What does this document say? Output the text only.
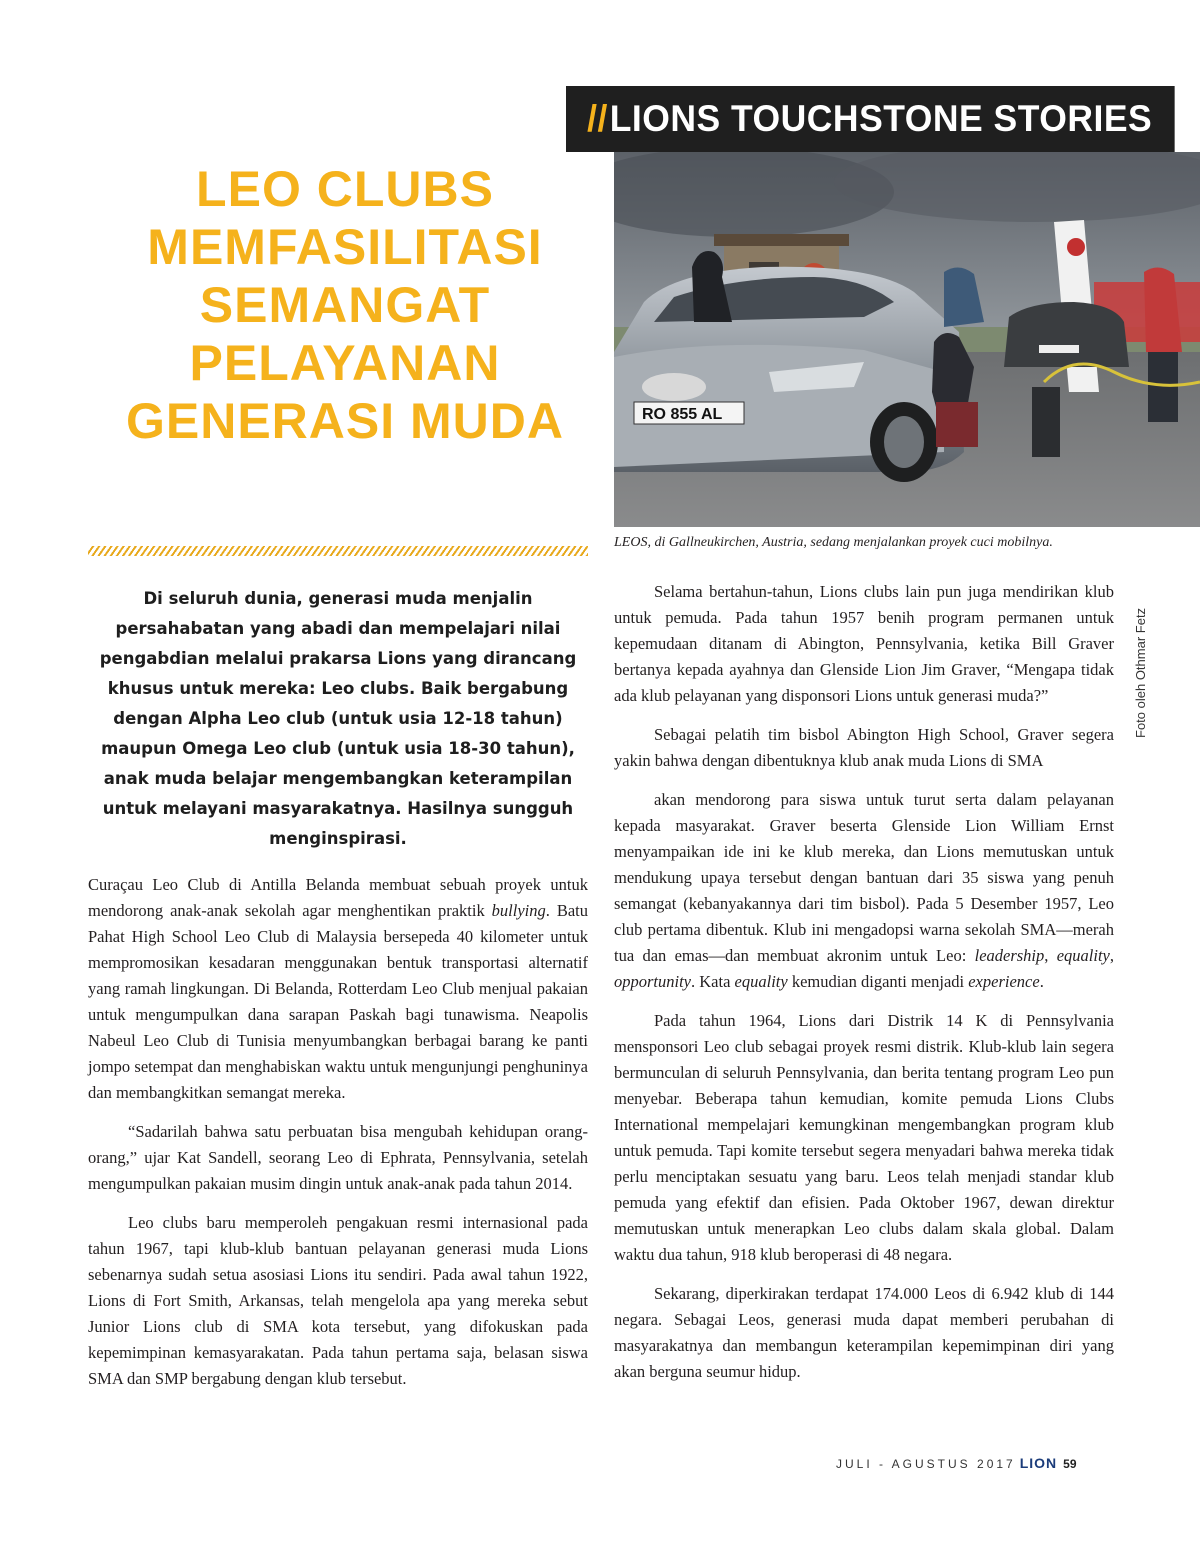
//LIONS TOUCHSTONE STORIES
LEO CLUBS
MEMFASILITASI
SEMANGAT
PELAYANAN
GENERASI MUDA	RO 855 AL
Foto oleh Othmar Fetz
LEOS, di Gallneukirchen, Austria, sedang menjalankan proyek cuci mobilnya.

Di seluruh dunia, generasi muda menjalin persahabatan yang abadi dan mempelajari nilai pengabdian melalui prakarsa Lions yang dirancang khusus untuk mereka: Leo clubs. Baik bergabung dengan Alpha Leo club (untuk usia 12-18 tahun) maupun Omega Leo club (untuk usia 18-30 tahun), anak muda belajar mengembangkan keterampilan untuk melayani masyarakatnya. Hasilnya sungguh menginspirasi.

Curaçau Leo Club di Antilla Belanda membuat sebuah proyek untuk mendorong anak-anak sekolah agar menghentikan praktik bullying. Batu Pahat High School Leo Club di Malaysia bersepeda 40 kilometer untuk mempromosikan kesadaran menggunakan bentuk transportasi alternatif yang ramah lingkungan. Di Belanda, Rotterdam Leo Club menjual pakaian untuk mengumpulkan dana sarapan Paskah bagi tunawisma. Neapolis Nabeul Leo Club di Tunisia menyumbangkan berbagai barang ke panti jompo setempat dan menghabiskan waktu untuk mengunjungi penghuninya dan membangkitkan semangat mereka.

“Sadarilah bahwa satu perbuatan bisa mengubah kehidupan orang-orang,” ujar Kat Sandell, seorang Leo di Ephrata, Pennsylvania, setelah mengumpulkan pakaian musim dingin untuk anak-anak pada tahun 2014.

Leo clubs baru memperoleh pengakuan resmi internasional pada tahun 1967, tapi klub-klub bantuan pelayanan generasi muda Lions sebenarnya sudah setua asosiasi Lions itu sendiri. Pada awal tahun 1922, Lions di Fort Smith, Arkansas, telah mengelola apa yang mereka sebut Junior Lions club di SMA kota tersebut, yang difokuskan pada kepemimpinan kemasyarakatan. Pada tahun pertama saja, belasan siswa SMA dan SMP bergabung dengan klub tersebut.

Selama bertahun-tahun, Lions clubs lain pun juga mendirikan klub untuk pemuda. Pada tahun 1957 benih program permanen untuk kepemudaan ditanam di Abington, Pennsylvania, ketika Bill Graver bertanya kepada ayahnya dan Glenside Lion Jim Graver, “Mengapa tidak ada klub pelayanan yang disponsori Lions untuk generasi muda?”

Sebagai pelatih tim bisbol Abington High School, Graver segera yakin bahwa dengan dibentuknya klub anak muda Lions di SMA

akan mendorong para siswa untuk turut serta dalam pelayanan kepada masyarakat. Graver beserta Glenside Lion William Ernst menyampaikan ide ini ke klub mereka, dan Lions memutuskan untuk mendukung upaya tersebut dengan bantuan dari 35 siswa yang penuh semangat (kebanyakannya dari tim bisbol). Pada 5 Desember 1957, Leo club pertama dibentuk. Klub ini mengadopsi warna sekolah SMA—merah tua dan emas—dan membuat akronim untuk Leo: leadership, equality, opportunity. Kata equality kemudian diganti menjadi experience.

Pada tahun 1964, Lions dari Distrik 14 K di Pennsylvania mensponsori Leo club sebagai proyek resmi distrik. Klub-klub lain segera bermunculan di seluruh Pennsylvania, dan berita tentang program Leo pun menyebar. Beberapa tahun kemudian, komite pemuda Lions Clubs International mempelajari kemungkinan mengembangkan program klub untuk pemuda. Tapi komite tersebut segera menyadari bahwa mereka tidak perlu menciptakan sesuatu yang baru. Leos telah menjadi standar klub pemuda yang efektif dan efisien. Pada Oktober 1967, dewan direktur memutuskan untuk menerapkan Leo clubs dalam skala global. Dalam waktu dua tahun, 918 klub beroperasi di 48 negara.

Sekarang, diperkirakan terdapat 174.000 Leos di 6.942 klub di 144 negara. Sebagai Leos, generasi muda dapat memberi perubahan di masyarakatnya dan membangun keterampilan kepemimpinan diri yang akan berguna seumur hidup.

JULI - AGUSTUS 2017 LION 59
